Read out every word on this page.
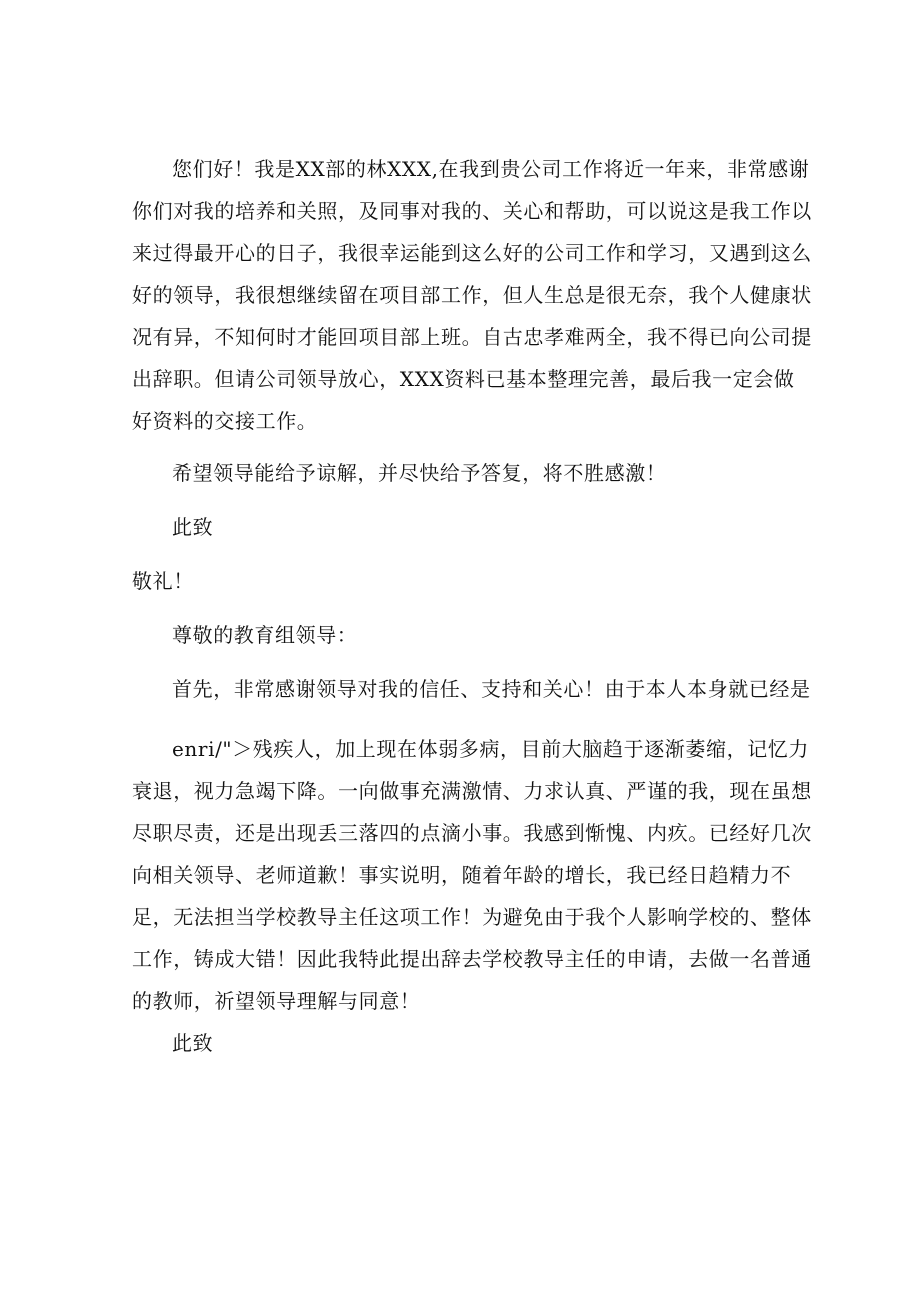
您们好！我是XX部的林XXX,在我到贵公司工作将近一年来，非常感谢你们对我的培养和关照，及同事对我的、关心和帮助，可以说这是我工作以来过得最开心的日子，我很幸运能到这么好的公司工作和学习，又遇到这么好的领导，我很想继续留在项目部工作，但人生总是很无奈，我个人健康状况有异，不知何时才能回项目部上班。自古忠孝难两全，我不得已向公司提出辞职。但请公司领导放心，XXX资料已基本整理完善，最后我一定会做好资料的交接工作。

希望领导能给予谅解，并尽快给予答复，将不胜感激！

此致

敬礼！

尊敬的教育组领导：

首先，非常感谢领导对我的信任、支持和关心！由于本人本身就已经是

enri/"＞残疾人，加上现在体弱多病，目前大脑趋于逐渐萎缩，记忆力衰退，视力急竭下降。一向做事充满激情、力求认真、严谨的我，现在虽想尽职尽责，还是出现丢三落四的点滴小事。我感到惭愧、内疚。已经好几次向相关领导、老师道歉！事实说明，随着年龄的增长，我已经日趋精力不足，无法担当学校教导主任这项工作！为避免由于我个人影响学校的、整体工作，铸成大错！因此我特此提出辞去学校教导主任的申请，去做一名普通的教师，祈望领导理解与同意！

此致
